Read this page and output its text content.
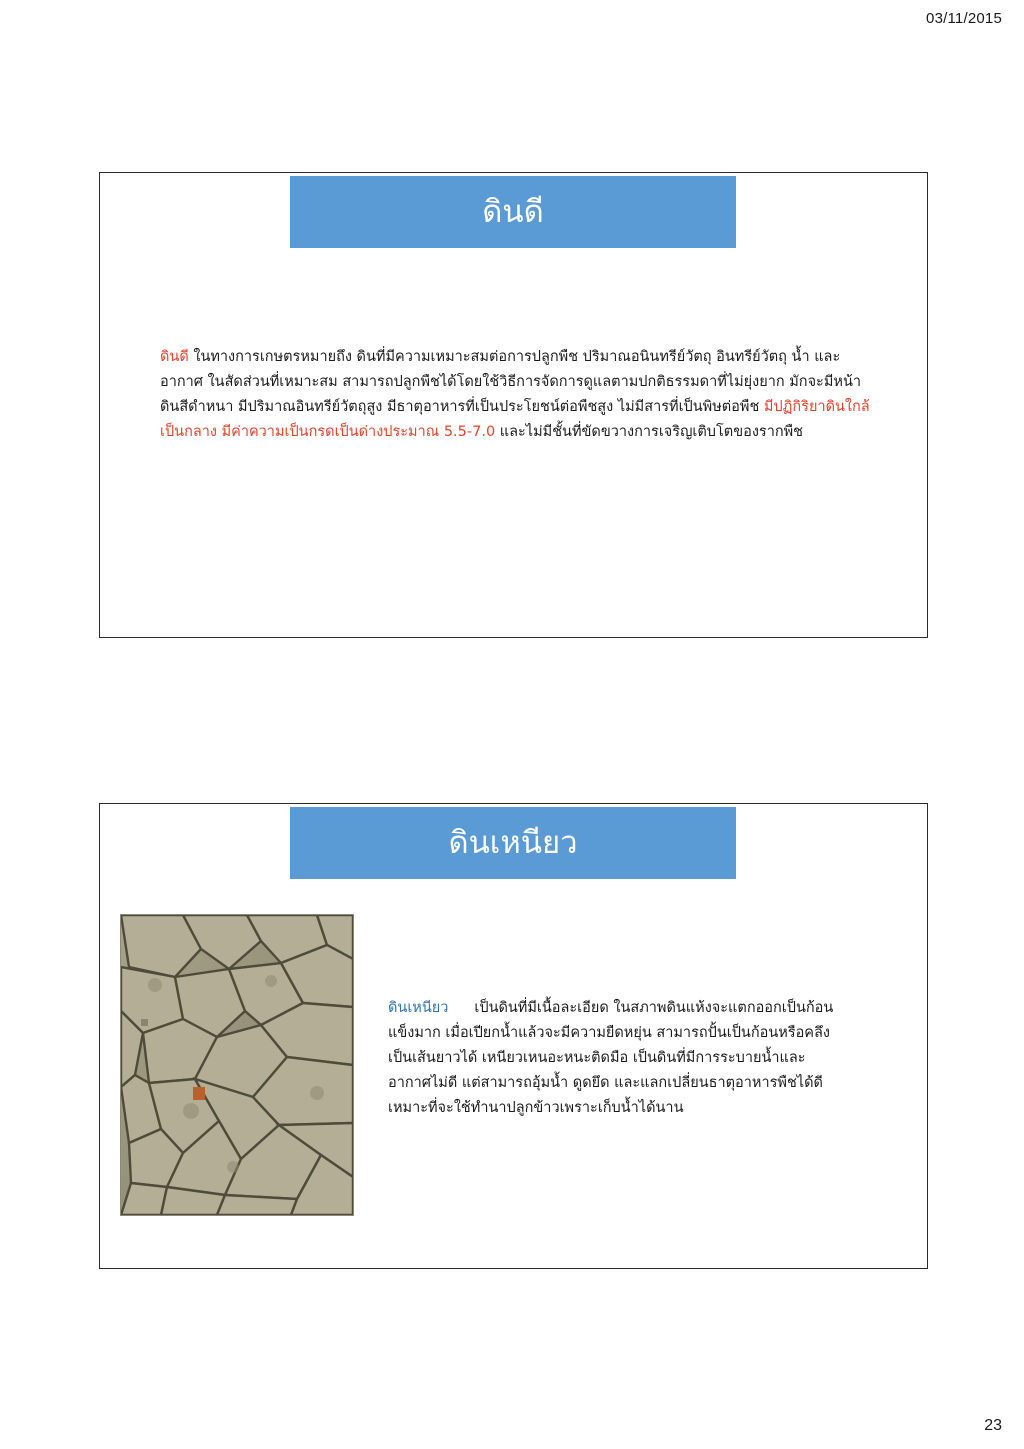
03/11/2015
ดินดี
ดินดี ในทางการเกษตรหมายถึง ดินที่มีความเหมาะสมต่อการปลูกพืช ปริมาณอนินทรีย์วัตถุ อินทรีย์วัตถุ น้ำ และอากาศ ในสัดส่วนที่เหมาะสม สามารถปลูกพืชได้โดยใช้วิธีการจัดการดูแลตามปกติธรรมดาที่ไม่ยุ่งยาก มักจะมีหน้าดินสีดำหนา มีปริมาณอินทรีย์วัตถุสูง มีธาตุอาหารที่เป็นประโยชน์ต่อพืชสูง ไม่มีสารที่เป็นพิษต่อพืช มีปฏิกิริยาดินใกล้เป็นกลาง มีค่าความเป็นกรดเป็นด่างประมาณ 5.5-7.0 และไม่มีชั้นที่ขัดขวางการเจริญเติบโตของรากพืช
ดินเหนียว
ดินเหนียว เป็นดินที่มีเนื้อละเอียด ในสภาพดินแห้งจะแตกออกเป็นก้อนแข็งมาก เมื่อเปียกน้ำแล้วจะมีความยืดหยุ่น สามารถปั้นเป็นก้อนหรือคลึงเป็นเส้นยาวได้ เหนียวเหนอะหนะติดมือ เป็นดินที่มีการระบายน้ำและอากาศไม่ดี แต่สามารถอุ้มน้ำ ดูดยึด และแลกเปลี่ยนธาตุอาหารพืชได้ดี เหมาะที่จะใช้ทำนาปลูกข้าวเพราะเก็บน้ำได้นาน
23
